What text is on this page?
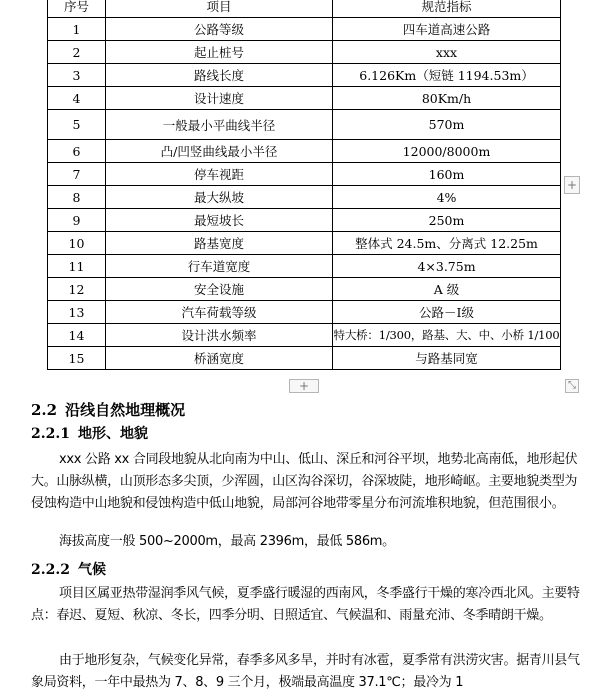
序号	项目	规范指标
1	公路等级	四车道高速公路
2	起止桩号	xxx
3	路线长度	6.126Km（短链 1194.53m）
4	设计速度	80Km/h
5	一般最小平曲线半径	570m
6	凸/凹竖曲线最小半径	12000/8000m
7	停车视距	160m
8	最大纵坡	4%
9	最短坡长	250m
10	路基宽度	整体式 24.5m、分离式 12.25m
11	行车道宽度	4×3.75m
12	安全设施	A 级
13	汽车荷载等级	公路－Ⅰ级
14	设计洪水频率	特大桥：1/300，路基、大、中、小桥 1/100
15	桥涵宽度	与路基同宽
+
+	⤡
2.2 沿线自然地理概况
2.2.1 地形、地貌
xxx 公路 xx 合同段地貌从北向南为中山、低山、深丘和河谷平坝，地势北高南低，地形起伏大。山脉纵横，山顶形态多尖顶，少浑圆，山区沟谷深切，谷深坡陡，地形崎岖。主要地貌类型为侵蚀构造中山地貌和侵蚀构造中低山地貌，局部河谷地带零星分布河流堆积地貌，但范围很小。
海拔高度一般 500~2000m，最高 2396m，最低 586m。
2.2.2 气候
项目区属亚热带湿润季风气候，夏季盛行暖湿的西南风，冬季盛行干燥的寒冷西北风。主要特点：春迟、夏短、秋凉、冬长，四季分明、日照适宜、气候温和、雨量充沛、冬季晴朗干燥。
由于地形复杂，气候变化异常，春季多风多旱，并时有冰雹，夏季常有洪涝灾害。据青川县气象局资料，一年中最热为 7、8、9 三个月，极端最高温度 37.1℃；最冷为 1
